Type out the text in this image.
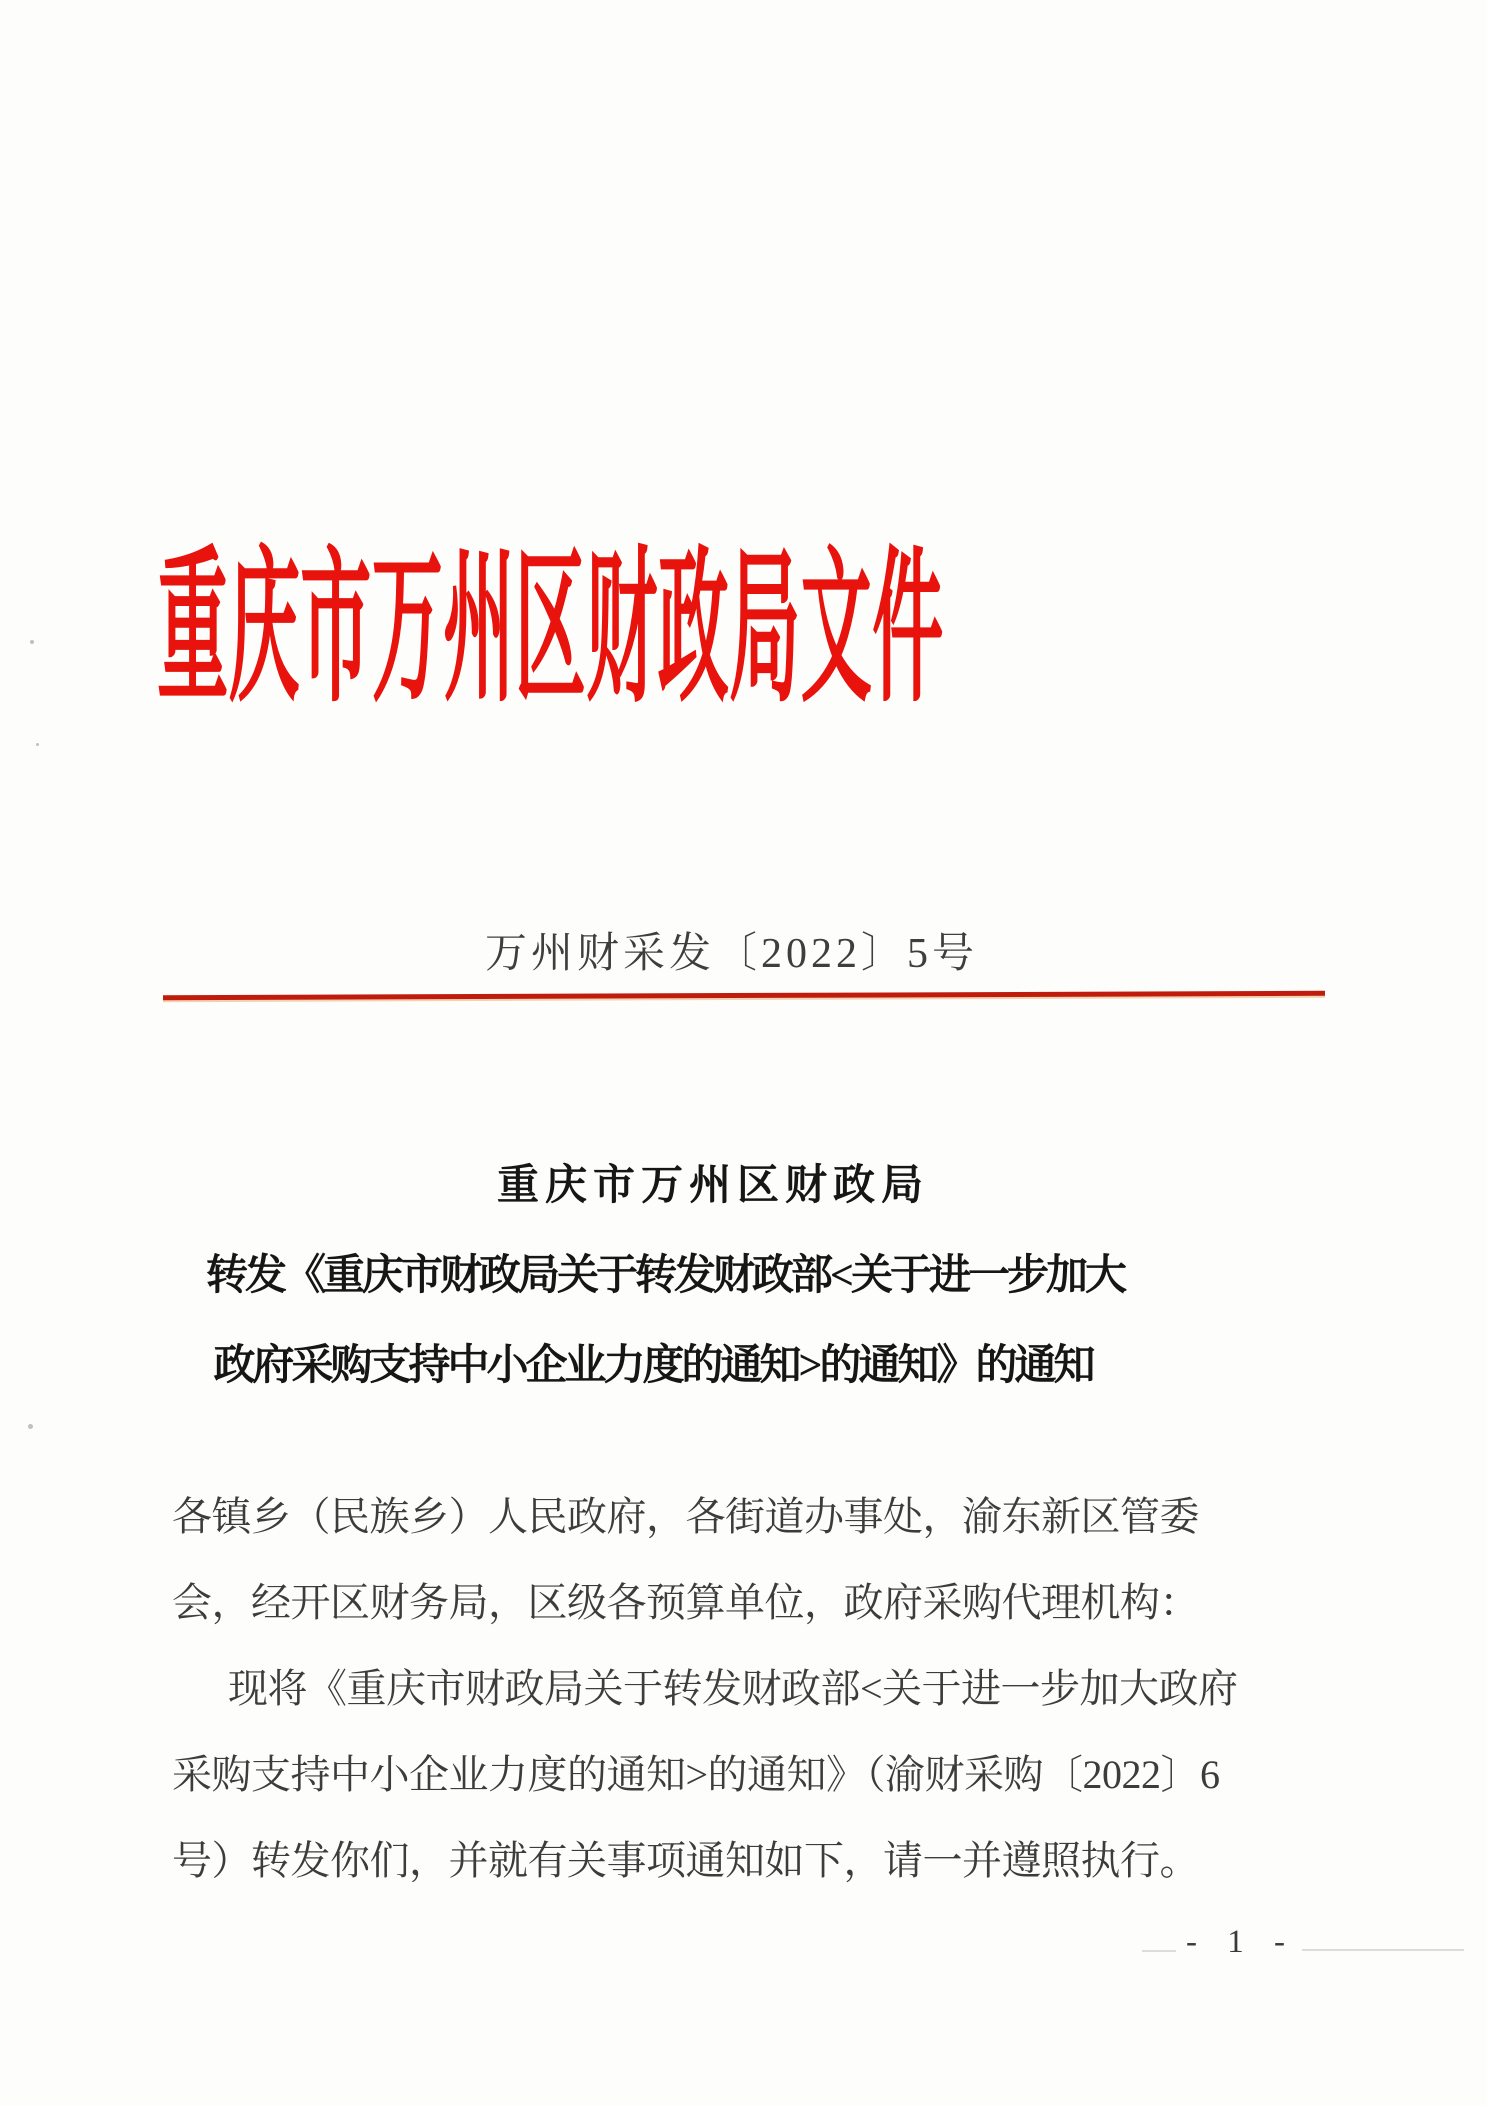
重庆市万州区财政局文件
万州财采发〔2022〕5号
重庆市万州区财政局
转发《重庆市财政局关于转发财政部<关于进一步加大
政府采购支持中小企业力度的通知>的通知》的通知
各镇乡（民族乡）人民政府，各街道办事处，渝东新区管委
会，经开区财务局，区级各预算单位，政府采购代理机构：
现将《重庆市财政局关于转发财政部<关于进一步加大政府
采购支持中小企业力度的通知>的通知》（渝财采购〔2022〕6
号）转发你们，并就有关事项通知如下，请一并遵照执行。
- 1 -
